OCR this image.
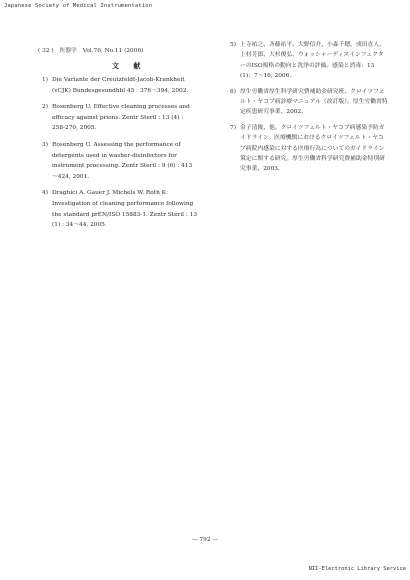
Japanese Society of Medical Instrumentation
( 32 ) 医器学 Vol.76, No.11 (2006)
文 献
1) Die Variante der Creutzfeldt-Jacob-Krankheit (vCJK) Bundesgesundhbl 45 : 376～394, 2002.
2) Rosenberg U. Effective cleaning processes and efficacy against prions. Zentr Steril : 13 (4) : 258-270, 2005.
3) Rosenberg U. Assessing the performance of detergents used in washer-disinfectors for instrument processing. Zentr Steril : 9 (6) : 413～424, 2001.
4) Draghici A. Gauer J. Michels W. Roth K: Investigation of cleaning performance following the standard prEN/ISO 15883-1. Zentr Steril : 13 (1) : 34～44, 2005.
5) 上寺祐之、斉藤祐平、大野信介、小森千穂、成田直人、上村芳郎、大杉俊弘、ウォッシャーディスインフェクターのISO規格の動向と洗浄の評価。感染と消毒：13 (1)：7～16, 2006.
6) 厚生労働省厚生科学研究費補助金研究班、クロイツフェルト・ヤコブ病診療マニュアル（改訂版）。厚生労働省特定疾患研究事業、2002.
7) 金子清俊、他。クロイツフェルト・ヤコブ病感染予防ガイドライン。医療機関におけるクロイツフェルト・ヤコブ病院内感染に対する医療行為についてのガイドライン策定に関する研究。厚生労働省科学研究費補助金特別研究事業、2003.
— 792 —
NII-Electronic Library Service
